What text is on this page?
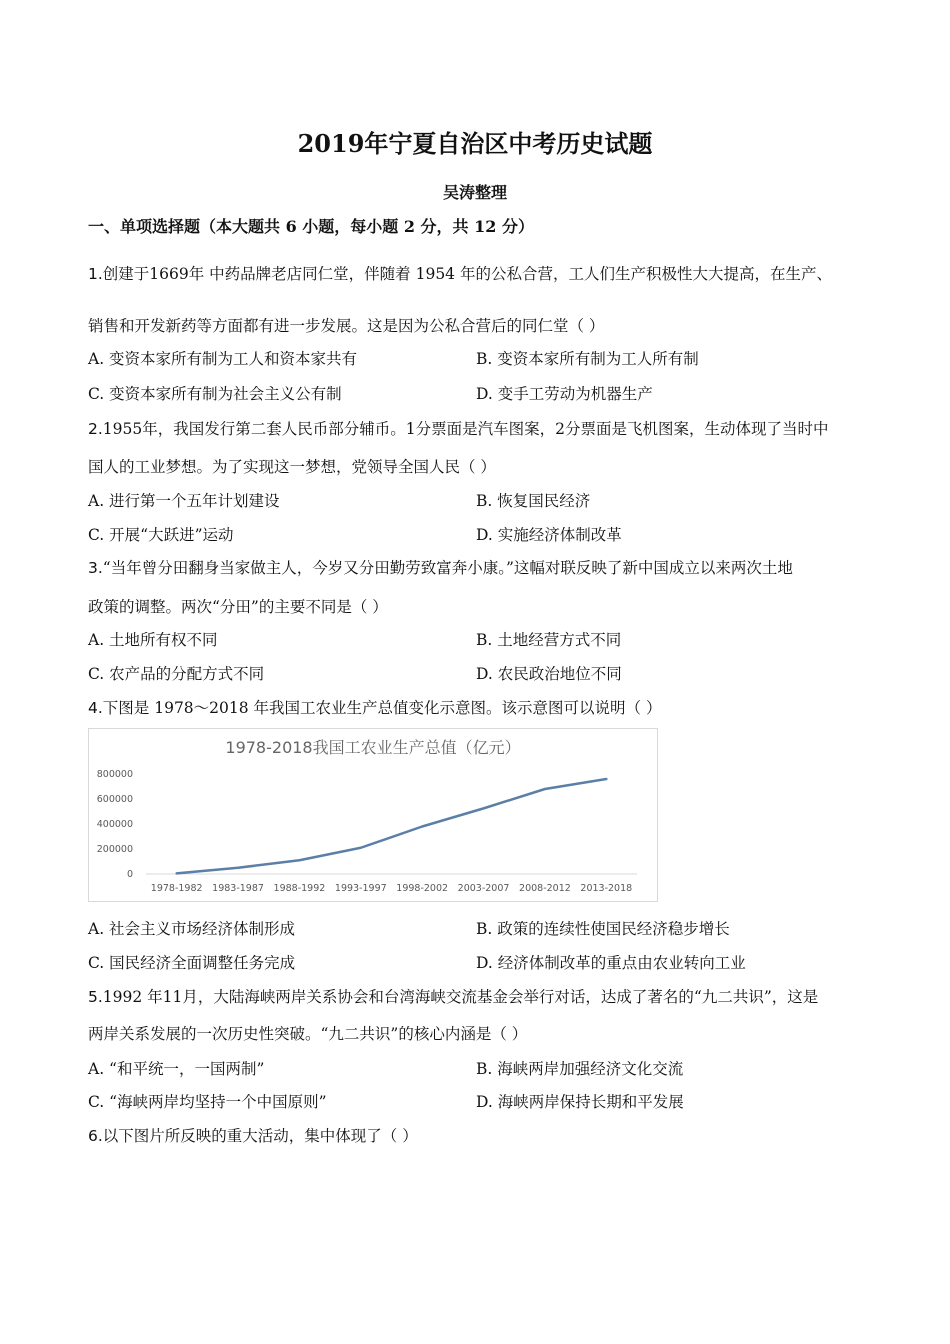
2019年宁夏自治区中考历史试题
吴涛整理
一、单项选择题（本大题共 6 小题，每小题 2 分，共 12 分）
1.创建于1669年 中药品牌老店同仁堂，伴随着 1954 年的公私合营，工人们生产积极性大大提高，在生产、
销售和开发新药等方面都有进一步发展。这是因为公私合营后的同仁堂（ ）
A. 变资本家所有制为工人和资本家共有	B. 变资本家所有制为工人所有制
C. 变资本家所有制为社会主义公有制	D. 变手工劳动为机器生产
2.1955年，我国发行第二套人民币部分辅币。1分票面是汽车图案，2分票面是飞机图案，生动体现了当时中
国人的工业梦想。为了实现这一梦想，党领导全国人民（ ）
A. 进行第一个五年计划建设	B. 恢复国民经济
C. 开展“大跃进”运动	D. 实施经济体制改革
3.“当年曾分田翻身当家做主人，今岁又分田勤劳致富奔小康。”这幅对联反映了新中国成立以来两次土地
政策的调整。两次“分田”的主要不同是（ ）
A. 土地所有权不同	B. 土地经营方式不同
C. 农产品的分配方式不同	D. 农民政治地位不同
4.下图是 1978～2018 年我国工农业生产总值变化示意图。该示意图可以说明（ ）
1978-2018我国工农业生产总值（亿元）
800000
600000
400000
200000
0
1978-1982 1983-1987 1988-1992 1993-1997 1998-2002 2003-2007 2008-2012 2013-2018
A. 社会主义市场经济体制形成	B. 政策的连续性使国民经济稳步增长
C. 国民经济全面调整任务完成	D. 经济体制改革的重点由农业转向工业
5.1992 年11月，大陆海峡两岸关系协会和台湾海峡交流基金会举行对话，达成了著名的“九二共识”，这是
两岸关系发展的一次历史性突破。“九二共识”的核心内涵是（ ）
A. “和平统一，一国两制”	B. 海峡两岸加强经济文化交流
C. “海峡两岸均坚持一个中国原则”	D. 海峡两岸保持长期和平发展
6.以下图片所反映的重大活动，集中体现了（ ）
